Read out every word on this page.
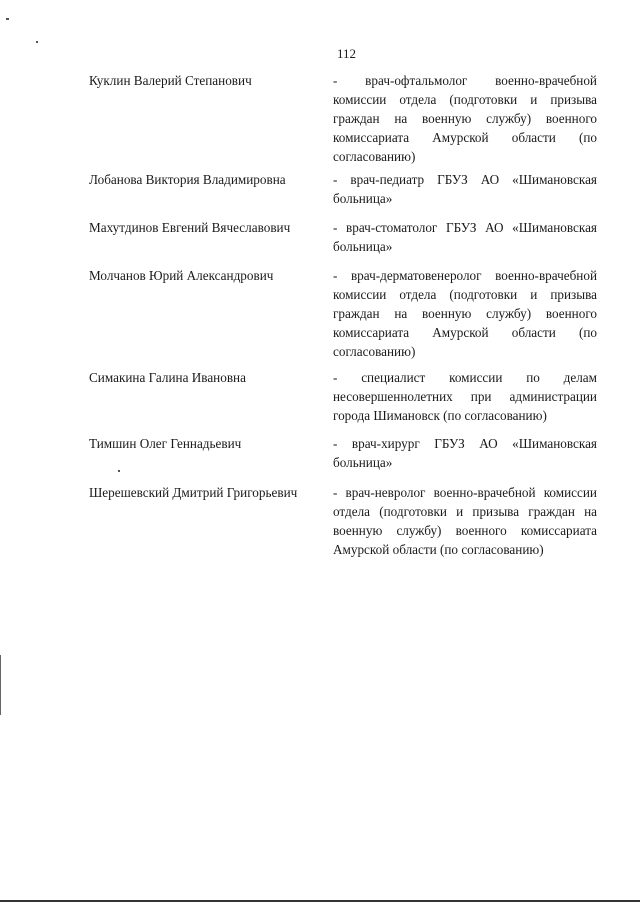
112
Куклин Валерий Степанович	- врач-офтальмолог военно-врачебной комиссии отдела (подготовки и призыва граждан на военную службу) военного комиссариата Амурской области (по согласованию)
Лобанова Виктория Владимировна	- врач-педиатр ГБУЗ АО «Шимановская больница»
Махутдинов Евгений Вячеславович	- врач-стоматолог ГБУЗ АО «Шимановская больница»
Молчанов Юрий Александрович	- врач-дерматовенеролог военно-врачебной комиссии отдела (подготовки и призыва граждан на военную службу) военного комиссариата Амурской области (по согласованию)
Симакина Галина Ивановна	- специалист комиссии по делам несовершеннолетних при администрации города Шимановск (по согласованию)
Тимшин Олег Геннадьевич	- врач-хирург ГБУЗ АО «Шимановская больница»
Шерешевский Дмитрий Григорьевич	- врач-невролог военно-врачебной комиссии отдела (подготовки и призыва граждан на военную службу) военного комиссариата Амурской области (по согласованию)
